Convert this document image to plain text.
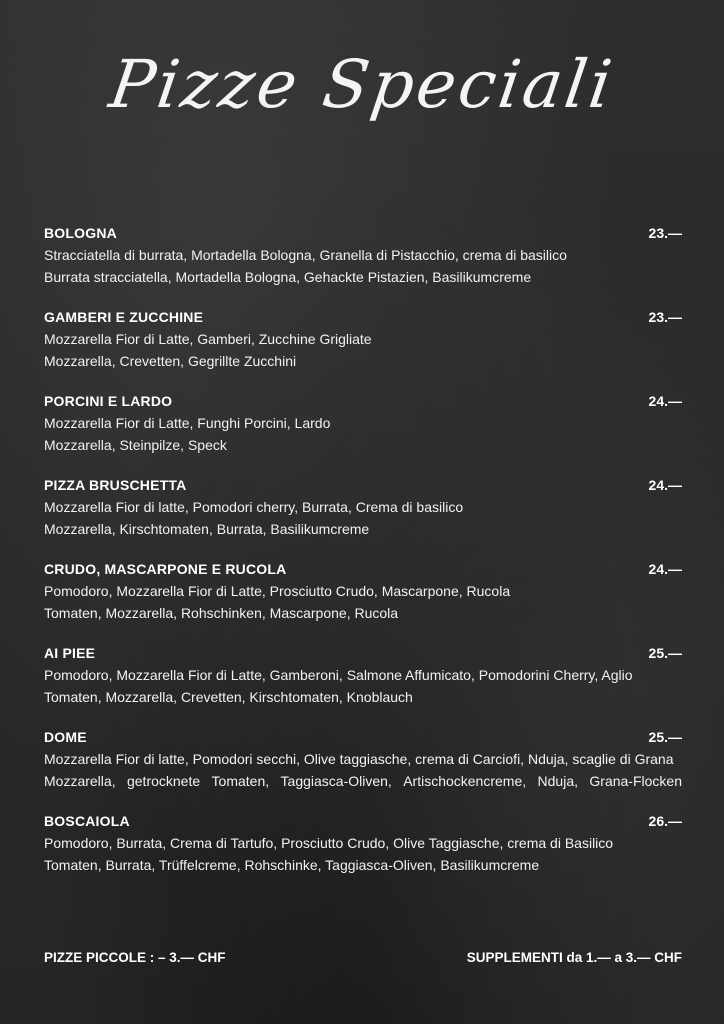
Pizze Speciali
BOLOGNA	23.—
Stracciatella di burrata, Mortadella Bologna, Granella di Pistacchio, crema di basilico
Burrata stracciatella, Mortadella Bologna, Gehackte Pistazien, Basilikumcreme
GAMBERI E ZUCCHINE	23.—
Mozzarella Fior di Latte, Gamberi, Zucchine Grigliate
Mozzarella, Crevetten, Gegrillte Zucchini
PORCINI E LARDO	24.—
Mozzarella Fior di Latte, Funghi Porcini, Lardo
Mozzarella, Steinpilze, Speck
PIZZA BRUSCHETTA	24.—
Mozzarella Fior di latte, Pomodori cherry, Burrata, Crema di basilico
Mozzarella, Kirschtomaten, Burrata, Basilikumcreme
CRUDO, MASCARPONE E RUCOLA	24.—
Pomodoro, Mozzarella Fior di Latte, Prosciutto Crudo, Mascarpone, Rucola
Tomaten, Mozzarella, Rohschinken, Mascarpone, Rucola
AI PIEE	25.—
Pomodoro, Mozzarella Fior di Latte, Gamberoni, Salmone Affumicato, Pomodorini Cherry, Aglio
Tomaten, Mozzarella, Crevetten, Kirschtomaten, Knoblauch
DOME	25.—
Mozzarella Fior di latte, Pomodori secchi, Olive taggiasche, crema di Carciofi, Nduja, scaglie di Grana
Mozzarella, getrocknete Tomaten, Taggiasca-Oliven, Artischockencreme, Nduja, Grana-Flocken
BOSCAIOLA	26.—
Pomodoro, Burrata, Crema di Tartufo, Prosciutto Crudo, Olive Taggiasche, crema di Basilico
Tomaten, Burrata, Trüffelcreme, Rohschinke, Taggiasca-Oliven, Basilikumcreme
PIZZE PICCOLE : – 3.— CHF	SUPPLEMENTI da 1.— a 3.— CHF
